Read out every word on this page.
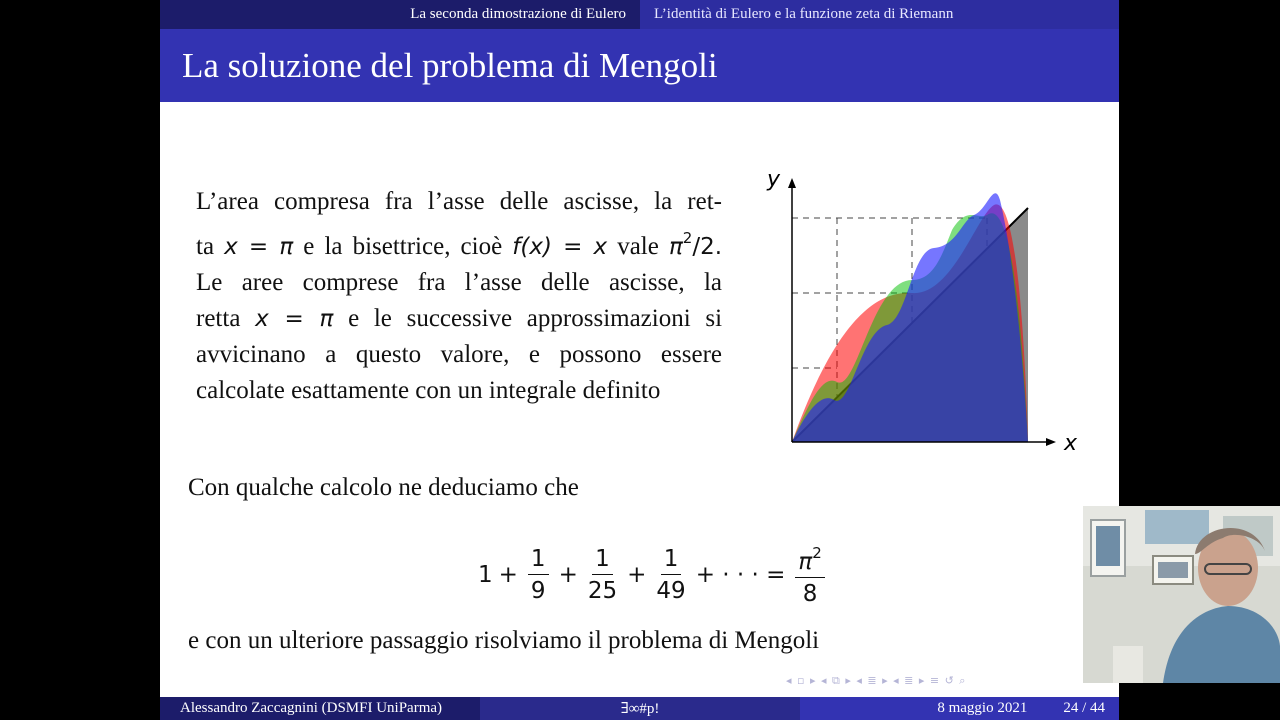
La seconda dimostrazione di Eulero L’identità di Eulero e la funzione zeta di Riemann
La soluzione del problema di Mengoli
L’area compresa fra l’asse delle ascisse, la ret-
ta x = π e la bisettrice, cioè f(x) = x vale $\pi^2/2$.
Le aree comprese fra l’asse delle ascisse, la
retta x = π e le successive approssimazioni si
avvicinano a questo valore, e possono essere
calcolate esattamente con un integrale definito
y
x
Con qualche calcolo ne deduciamo che
$1 + \frac{1}{9} + \frac{1}{25} + \frac{1}{49}$ + · · · = $\frac{\pi^2}{8}$
e con un ulteriore passaggio risolviamo il problema di Mengoli
◂ ▫ ▸ ◂ ⧉ ▸ ◂ ≣ ▸ ◂ ≣ ▸ ≡ ↺ ⌕
Alessandro Zaccagnini (DSMFI UniParma)	∃∞#p!	8 maggio 2021 24 / 44
